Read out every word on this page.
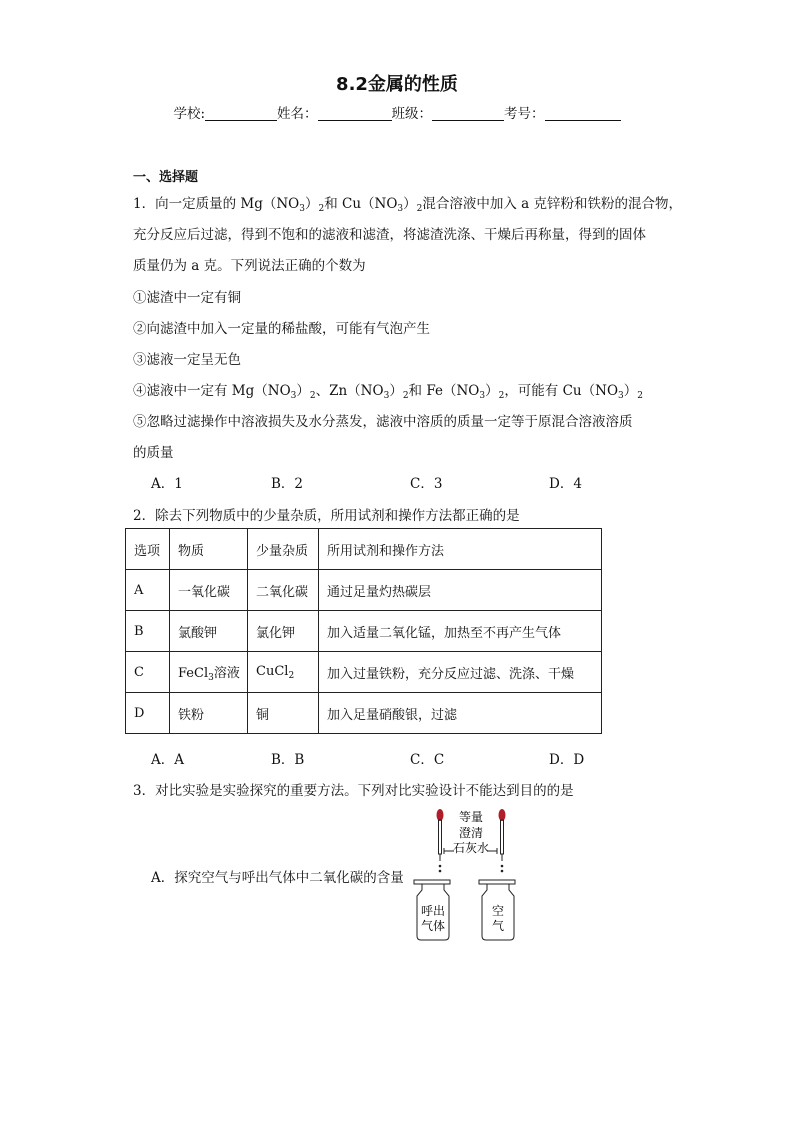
8.2金属的性质
学校:	姓名：	班级：	考号：
一、选择题
1．向一定质量的 $Mg(NO_3)_2$和 $Cu(NO_3)_2$混合溶液中加入 a 克锌粉和铁粉的混合物，
充分反应后过滤，得到不饱和的滤液和滤渣，将滤渣洗涤、干燥后再称量，得到的固体
质量仍为 a 克。下列说法正确的个数为
①滤渣中一定有铜
②向滤渣中加入一定量的稀盐酸，可能有气泡产生
③滤液一定呈无色
④滤液中一定有 $Mg(NO_3)_2$、$Zn(NO_3)_2$和 $Fe(NO_3)_2$，可能有 $Cu(NO_3)_2$
⑤忽略过滤操作中溶液损失及水分蒸发，滤液中溶质的质量一定等于原混合溶液溶质
的质量
A．1	B．2	C．3	D．4
2．除去下列物质中的少量杂质，所用试剂和操作方法都正确的是
选项	物质	少量杂质	所用试剂和操作方法
A	一氧化碳	二氧化碳	通过足量灼热碳层
B	氯酸钾	氯化钾	加入适量二氧化锰，加热至不再产生气体
C	FeCl$_3$溶液	CuCl$_2$	加入过量铁粉，充分反应过滤、洗涤、干燥
D	铁粉	铜	加入足量硝酸银，过滤
A．A	B．B	C．C	D．D
3．对比实验是实验探究的重要方法。下列对比实验设计不能达到目的的是
A．探究空气与呼出气体中二氧化碳的含量
等量
澄清
石灰水
呼出
气体
空
气
